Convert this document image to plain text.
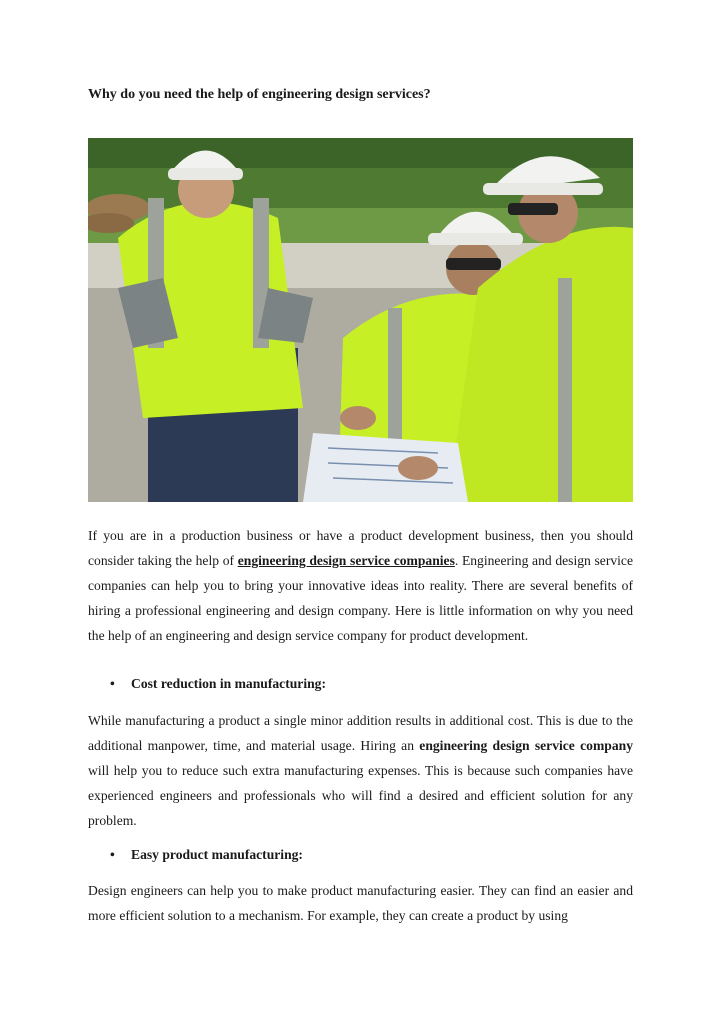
Why do you need the help of engineering design services?
If you are in a production business or have a product development business, then you should consider taking the help of engineering design service companies. Engineering and design service companies can help you to bring your innovative ideas into reality. There are several benefits of hiring a professional engineering and design company. Here is little information on why you need the help of an engineering and design service company for product development.
• Cost reduction in manufacturing:
While manufacturing a product a single minor addition results in additional cost. This is due to the additional manpower, time, and material usage. Hiring an engineering design service company will help you to reduce such extra manufacturing expenses. This is because such companies have experienced engineers and professionals who will find a desired and efficient solution for any problem.
• Easy product manufacturing:
Design engineers can help you to make product manufacturing easier. They can find an easier and more efficient solution to a mechanism. For example, they can create a product by using
